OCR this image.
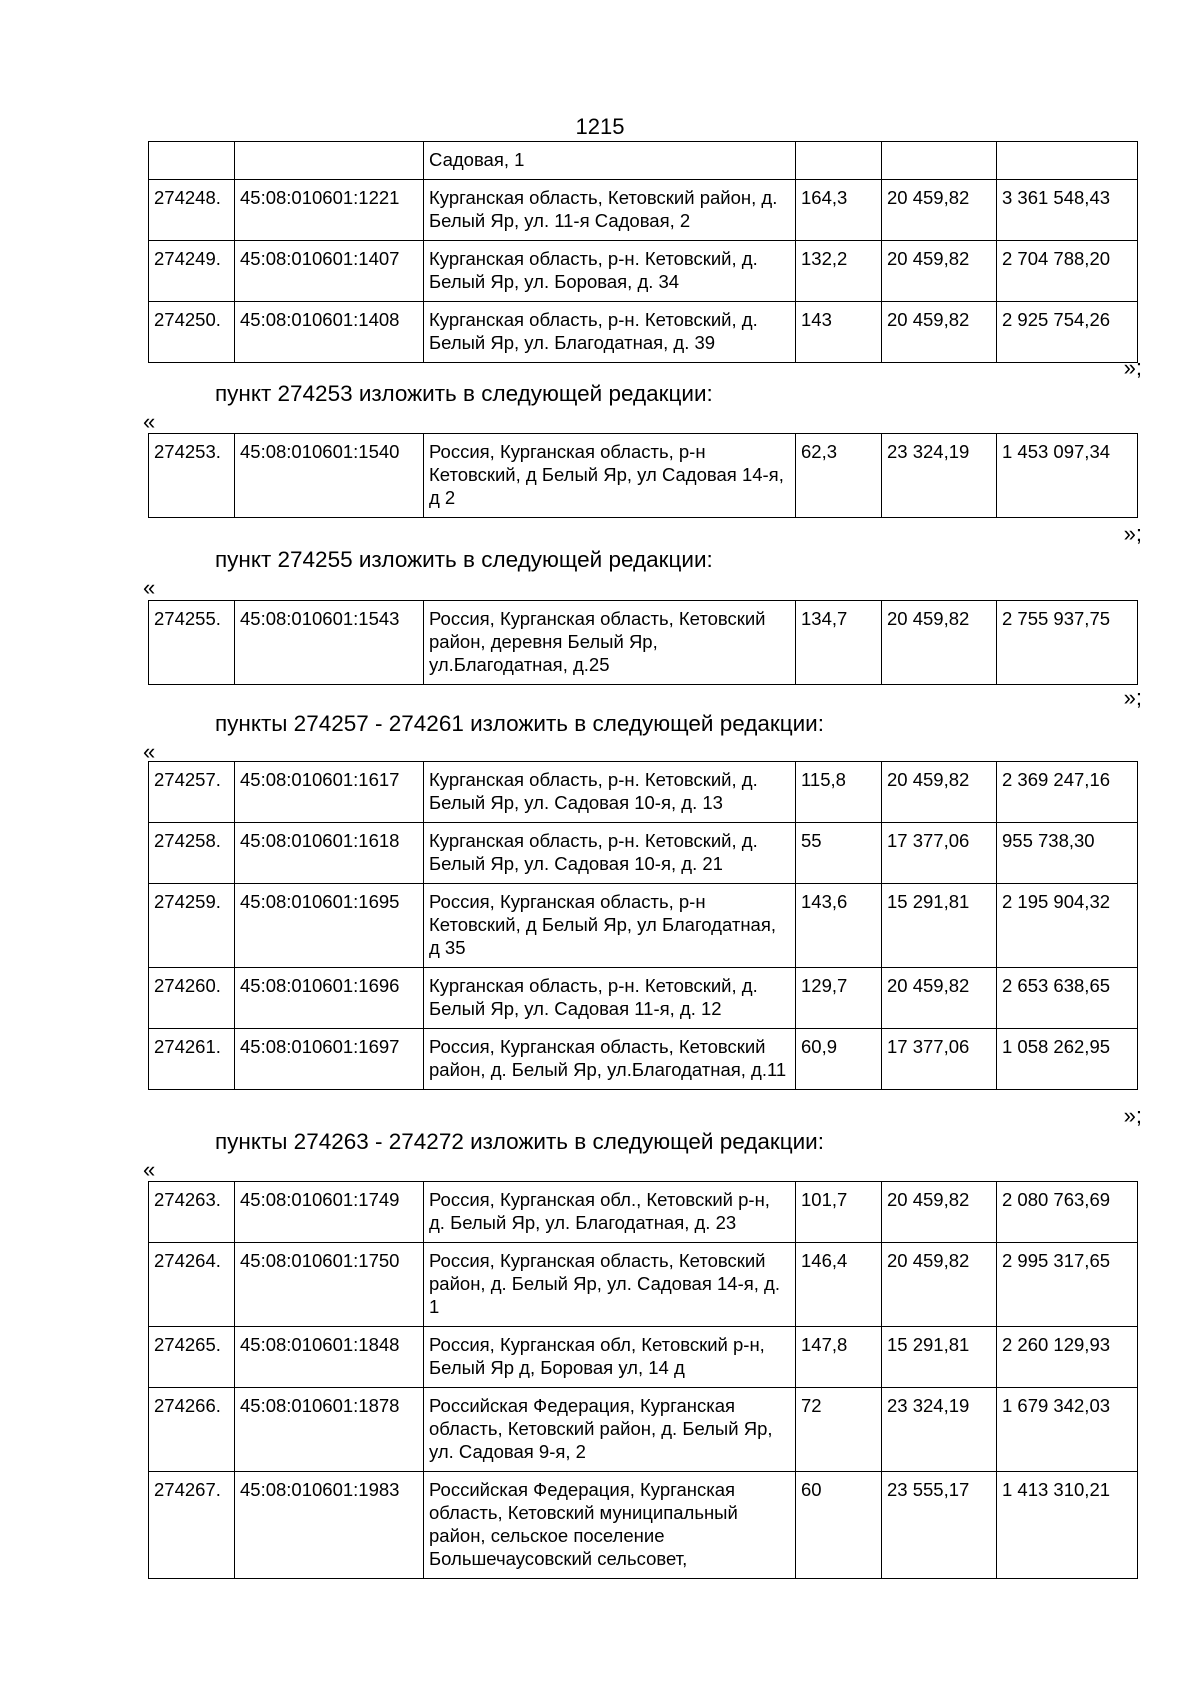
1215
		Садовая, 1			
274248.	45:08:010601:1221	Курганская область, Кетовский район, д. Белый Яр, ул. 11-я Садовая, 2	164,3	20 459,82	3 361 548,43
274249.	45:08:010601:1407	Курганская область, р-н. Кетовский, д. Белый Яр, ул. Боровая, д. 34	132,2	20 459,82	2 704 788,20
274250.	45:08:010601:1408	Курганская область, р-н. Кетовский, д. Белый Яр, ул. Благодатная, д. 39	143	20 459,82	2 925 754,26
»;
пункт 274253 изложить в следующей редакции:
«
274253.	45:08:010601:1540	Россия, Курганская область, р-н Кетовский, д Белый Яр, ул Садовая 14-я, д 2	62,3	23 324,19	1 453 097,34
»;
пункт 274255 изложить в следующей редакции:
«
274255.	45:08:010601:1543	Россия, Курганская область, Кетовский район, деревня Белый Яр, ул.Благодатная, д.25	134,7	20 459,82	2 755 937,75
»;
пункты 274257 - 274261 изложить в следующей редакции:
«
274257.	45:08:010601:1617	Курганская область, р-н. Кетовский, д. Белый Яр, ул. Садовая 10-я, д. 13	115,8	20 459,82	2 369 247,16
274258.	45:08:010601:1618	Курганская область, р-н. Кетовский, д. Белый Яр, ул. Садовая 10-я, д. 21	55	17 377,06	955 738,30
274259.	45:08:010601:1695	Россия, Курганская область, р-н Кетовский, д Белый Яр, ул Благодатная, д 35	143,6	15 291,81	2 195 904,32
274260.	45:08:010601:1696	Курганская область, р-н. Кетовский, д. Белый Яр, ул. Садовая 11-я, д. 12	129,7	20 459,82	2 653 638,65
274261.	45:08:010601:1697	Россия, Курганская область, Кетовский район, д. Белый Яр, ул.Благодатная, д.11	60,9	17 377,06	1 058 262,95
»;
пункты 274263 - 274272 изложить в следующей редакции:
«
274263.	45:08:010601:1749	Россия, Курганская обл., Кетовский р-н, д. Белый Яр, ул. Благодатная, д. 23	101,7	20 459,82	2 080 763,69
274264.	45:08:010601:1750	Россия, Курганская область, Кетовский район, д. Белый Яр, ул. Садовая 14-я, д. 1	146,4	20 459,82	2 995 317,65
274265.	45:08:010601:1848	Россия, Курганская обл, Кетовский р-н, Белый Яр д, Боровая ул, 14 д	147,8	15 291,81	2 260 129,93
274266.	45:08:010601:1878	Российская Федерация, Курганская область, Кетовский район, д. Белый Яр, ул. Садовая 9-я, 2	72	23 324,19	1 679 342,03
274267.	45:08:010601:1983	Российская Федерация, Курганская область, Кетовский муниципальный район, сельское поселение Большечаусовский сельсовет,	60	23 555,17	1 413 310,21
